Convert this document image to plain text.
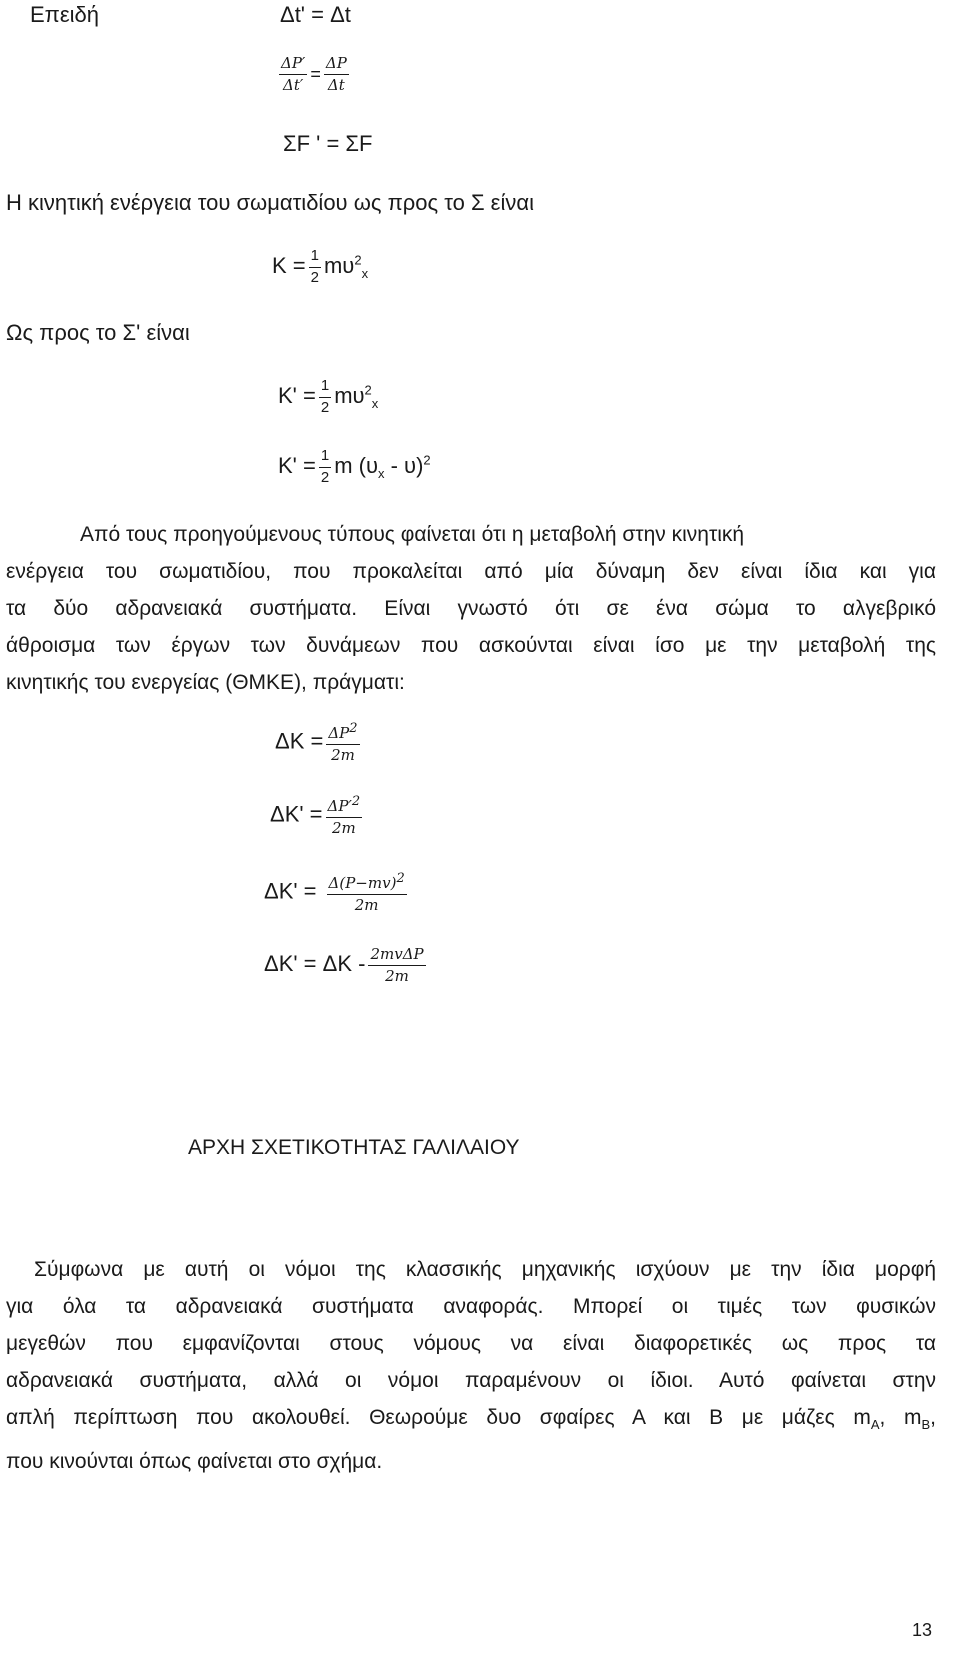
Επειδή	Δt' = Δt
$\frac{\Delta P'}{\Delta t'} = \frac{\Delta P}{\Delta t}$
ΣF ' = ΣF
Η κινητική ενέργεια του σωματιδίου ως προς το Σ είναι
$K = \frac{1}{2} m\upsilon^2_x$
Ως προς το Σ' είναι
$K' = \frac{1}{2} m\upsilon^2_x$
$K' = \frac{1}{2}$ m $(\upsilon_x - \upsilon)^2$

Από τους προηγούμενους τύπους φαίνεται ότι η μεταβολή στην κινητική

ενέργεια του σωματιδίου, που προκαλείται από μία δύναμη δεν είναι ίδια και για

τα δύο αδρανειακά συστήματα. Είναι γνωστό ότι σε ένα σώμα το αλγεβρικό

άθροισμα των έργων των δυνάμεων που ασκούνται είναι ίσο με την μεταβολή της

κινητικής του ενεργείας (ΘΜΚΕ), πράγματι:

$\Delta K = \frac{\Delta P^2}{2m}$
$\Delta K' = \frac{\Delta P'^2}{2m}$
$\Delta K' = \frac{\Delta(P-mv)^2}{2m}$
$\Delta K' = \Delta K - \frac{\text{2mvΔP}}{2m}$
ΑΡΧΗ ΣΧΕΤΙΚΟΤΗΤΑΣ ΓΑΛΙΛΑΙΟΥ

Σύμφωνα με αυτή οι νόμοι της κλασσικής μηχανικής ισχύουν με την ίδια μορφή

για όλα τα αδρανειακά συστήματα αναφοράς. Μπορεί οι τιμές των φυσικών

μεγεθών που εμφανίζονται στους νόμους να είναι διαφορετικές ως προς τα

αδρανειακά συστήματα, αλλά οι νόμοι παραμένουν οι ίδιοι. Αυτό φαίνεται στην

απλή περίπτωση που ακολουθεί. Θεωρούμε δυο σφαίρες Α και Β με μάζες $m_A$, $m_B$,

που κινούνται όπως φαίνεται στο σχήμα.

13
